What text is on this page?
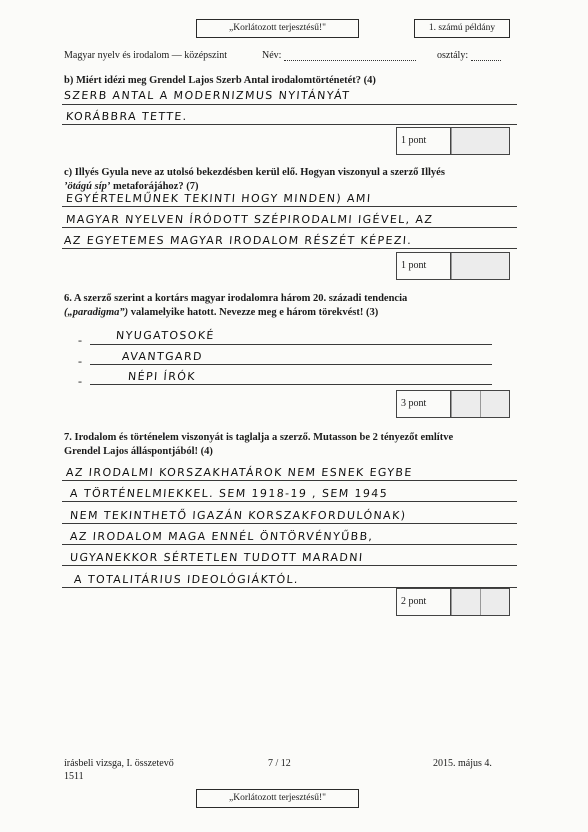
„Korlátozott terjesztésű!"	1. számú példány
Magyar nyelv és irodalom — középszint	Név:	osztály:
b) Miért idézi meg Grendel Lajos Szerb Antal irodalomtörténetét? (4)
SZERB ANTAL A MODERNIZMUS NYITÁNYÁT
KORÁBBRA TETTE.
1 pont
c) Illyés Gyula neve az utolsó bekezdésben kerül elő. Hogyan viszonyul a szerző Illyés
’ötágú síp’ metaforájához? (7)
EGYÉRTELMŰNEK TEKINTI HOGY MINDEN) AMI
MAGYAR NYELVEN ÍRÓDOTT SZÉPIRODALMI IGÉVEL, AZ
AZ EGYETEMES MAGYAR IRODALOM RÉSZÉT KÉPEZI.
1 pont
6. A szerző szerint a kortárs magyar irodalomra három 20. századi tendencia
(„paradigma”) valamelyike hatott. Nevezze meg e három törekvést! (3)
-	NYUGATOSOKÉ
-	AVANTGARD
-	NÉPI ÍRÓK
3 pont
7. Irodalom és történelem viszonyát is taglalja a szerző. Mutasson be 2 tényezőt említve
Grendel Lajos álláspontjából! (4)
AZ IRODALMI KORSZAKHATÁROK NEM ESNEK EGYBE
A TÖRTÉNELMIEKKEL. SEM 1918-19 , SEM 1945
NEM TEKINTHETŐ IGAZÁN KORSZAKFORDULÓNAK)
AZ IRODALOM MAGA ENNÉL ÖNTÖRVÉNYŰBB,
UGYANEKKOR SÉRTETLEN TUDOTT MARADNI
A TOTALITÁRIUS IDEOLÓGIÁKTÓL.
2 pont
írásbeli vizsga, I. összetevő
1511
7 / 12	2015. május 4.
„Korlátozott terjesztésű!"
